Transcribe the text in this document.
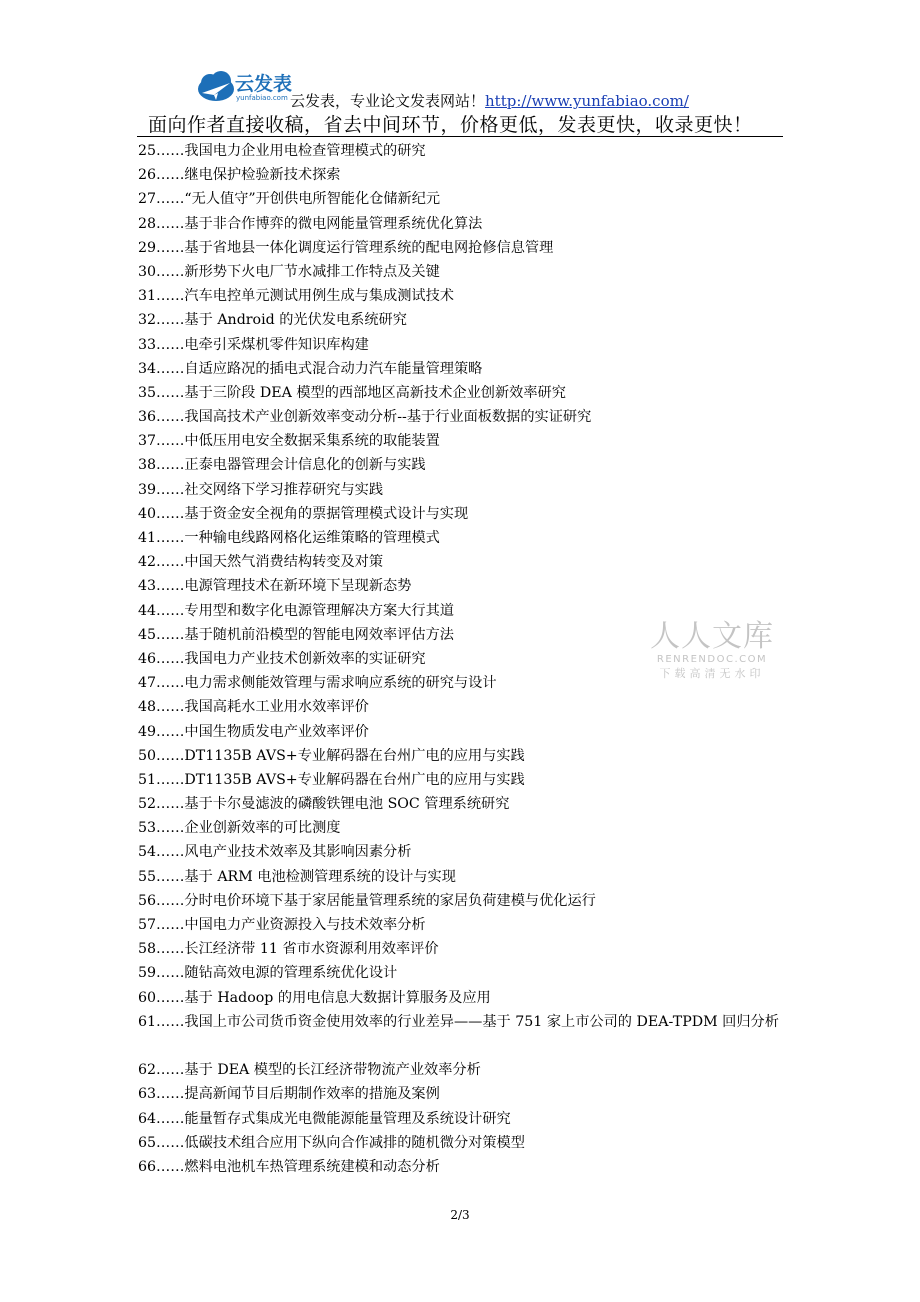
云发表
yunfabiao.com 云发表，专业论文发表网站！http://www.yunfabiao.com/
面向作者直接收稿，省去中间环节，价格更低，发表更快，收录更快！
25……我国电力企业用电检查管理模式的研究
26……继电保护检验新技术探索
27……“无人值守”开创供电所智能化仓储新纪元
28……基于非合作博弈的微电网能量管理系统优化算法
29……基于省地县一体化调度运行管理系统的配电网抢修信息管理
30……新形势下火电厂节水减排工作特点及关键
31……汽车电控单元测试用例生成与集成测试技术
32……基于 Android 的光伏发电系统研究
33……电牵引采煤机零件知识库构建
34……自适应路况的插电式混合动力汽车能量管理策略
35……基于三阶段 DEA 模型的西部地区高新技术企业创新效率研究
36……我国高技术产业创新效率变动分析--基于行业面板数据的实证研究
37……中低压用电安全数据采集系统的取能装置
38……正泰电器管理会计信息化的创新与实践
39……社交网络下学习推荐研究与实践
40……基于资金安全视角的票据管理模式设计与实现
41……一种输电线路网格化运维策略的管理模式
42……中国天然气消费结构转变及对策
43……电源管理技术在新环境下呈现新态势
44……专用型和数字化电源管理解决方案大行其道
45……基于随机前沿模型的智能电网效率评估方法
46……我国电力产业技术创新效率的实证研究
47……电力需求侧能效管理与需求响应系统的研究与设计
48……我国高耗水工业用水效率评价
49……中国生物质发电产业效率评价
50……DT1135B AVS+专业解码器在台州广电的应用与实践
51……DT1135B AVS+专业解码器在台州广电的应用与实践
52……基于卡尔曼滤波的磷酸铁锂电池 SOC 管理系统研究
53……企业创新效率的可比测度
54……风电产业技术效率及其影响因素分析
55……基于 ARM 电池检测管理系统的设计与实现
56……分时电价环境下基于家居能量管理系统的家居负荷建模与优化运行
57……中国电力产业资源投入与技术效率分析
58……长江经济带 11 省市水资源利用效率评价
59……随钻高效电源的管理系统优化设计
60……基于 Hadoop 的用电信息大数据计算服务及应用
61……我国上市公司货币资金使用效率的行业差异——基于 751 家上市公司的 DEA-TPDM 回归分析
62……基于 DEA 模型的长江经济带物流产业效率分析
63……提高新闻节目后期制作效率的措施及案例
64……能量暂存式集成光电微能源能量管理及系统设计研究
65……低碳技术组合应用下纵向合作减排的随机微分对策模型
66……燃料电池机车热管理系统建模和动态分析
人人文库
RENRENDOC.COM
下载高清无水印
2/3
